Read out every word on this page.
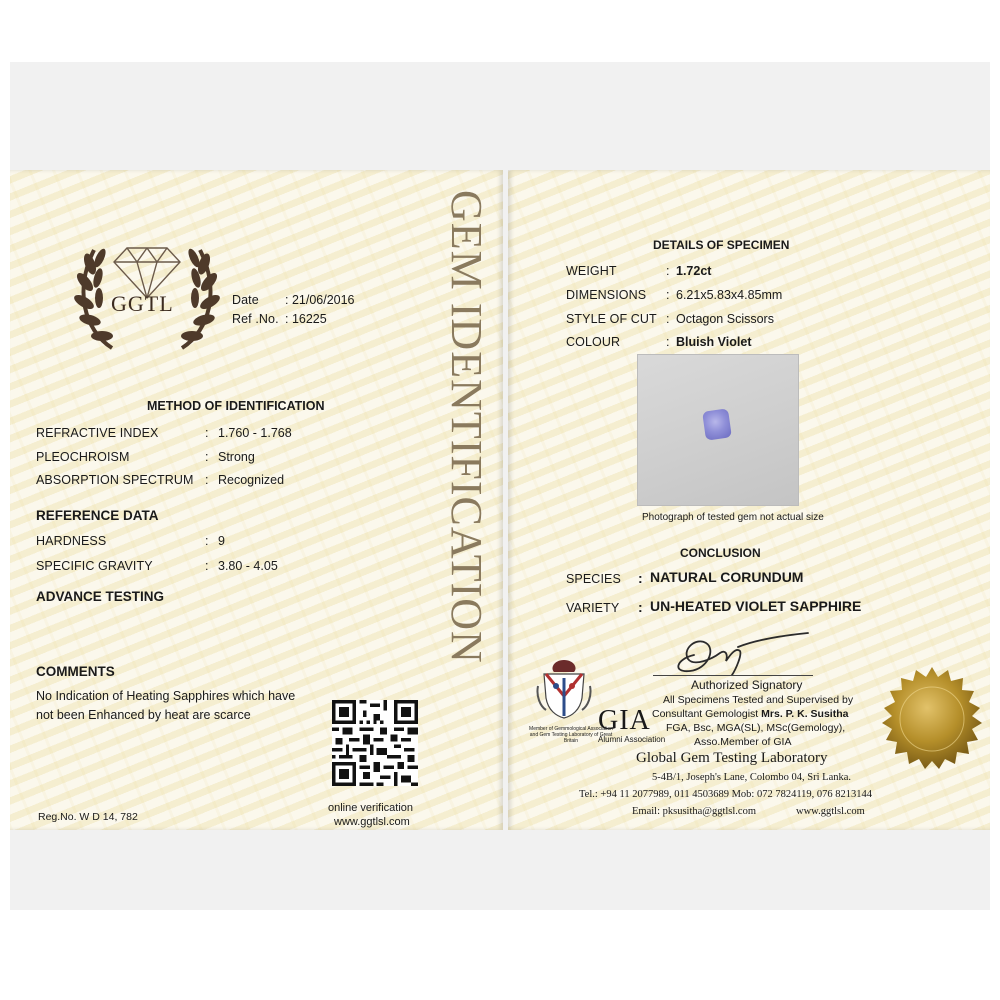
GGTL	Date : 21/06/2016
Ref .No. : 16225
METHOD OF IDENTIFICATION
REFRACTIVE INDEX	: 1.760 - 1.768
PLEOCHROISM	: Strong
ABSORPTION SPECTRUM : Recognized
REFERENCE DATA
HARDNESS	: 9
SPECIFIC GRAVITY	: 3.80 - 4.05
ADVANCE TESTING
COMMENTS
No Indication of Heating Sapphires which have
not been Enhanced by heat are scarce
online verification
www.ggtlsl.com
Reg.No. W D 14, 782
GEM IDENTIFICATION	DETAILS OF SPECIMEN
WEIGHT	: 1.72ct
DIMENSIONS : 6.21x5.83x4.85mm
STYLE OF CUT : Octagon Scissors
COLOUR	: Bluish Violet
Photograph of tested gem not actual size
CONCLUSION
SPECIES : NATURAL CORUNDUM
VARIETY : UN-HEATED VIOLET SAPPHIRE
Authorized Signatory
All Specimens Tested and Supervised by
Consultant Gemologist Mrs. P. K. Susitha
FGA, Bsc, MGA(SL), MSc(Gemology),
Asso.Member of GIA
Member of Gemmological Association and Gem Testing Laboratory of Great Britain
GIA
Alumni Association
Global Gem Testing Laboratory
5-4B/1, Joseph's Lane, Colombo 04, Sri Lanka.
Tel.: +94 11 2077989, 011 4503689 Mob: 072 7824119, 076 8213144
Email: pksusitha@ggtlsl.com	www.ggtlsl.com
